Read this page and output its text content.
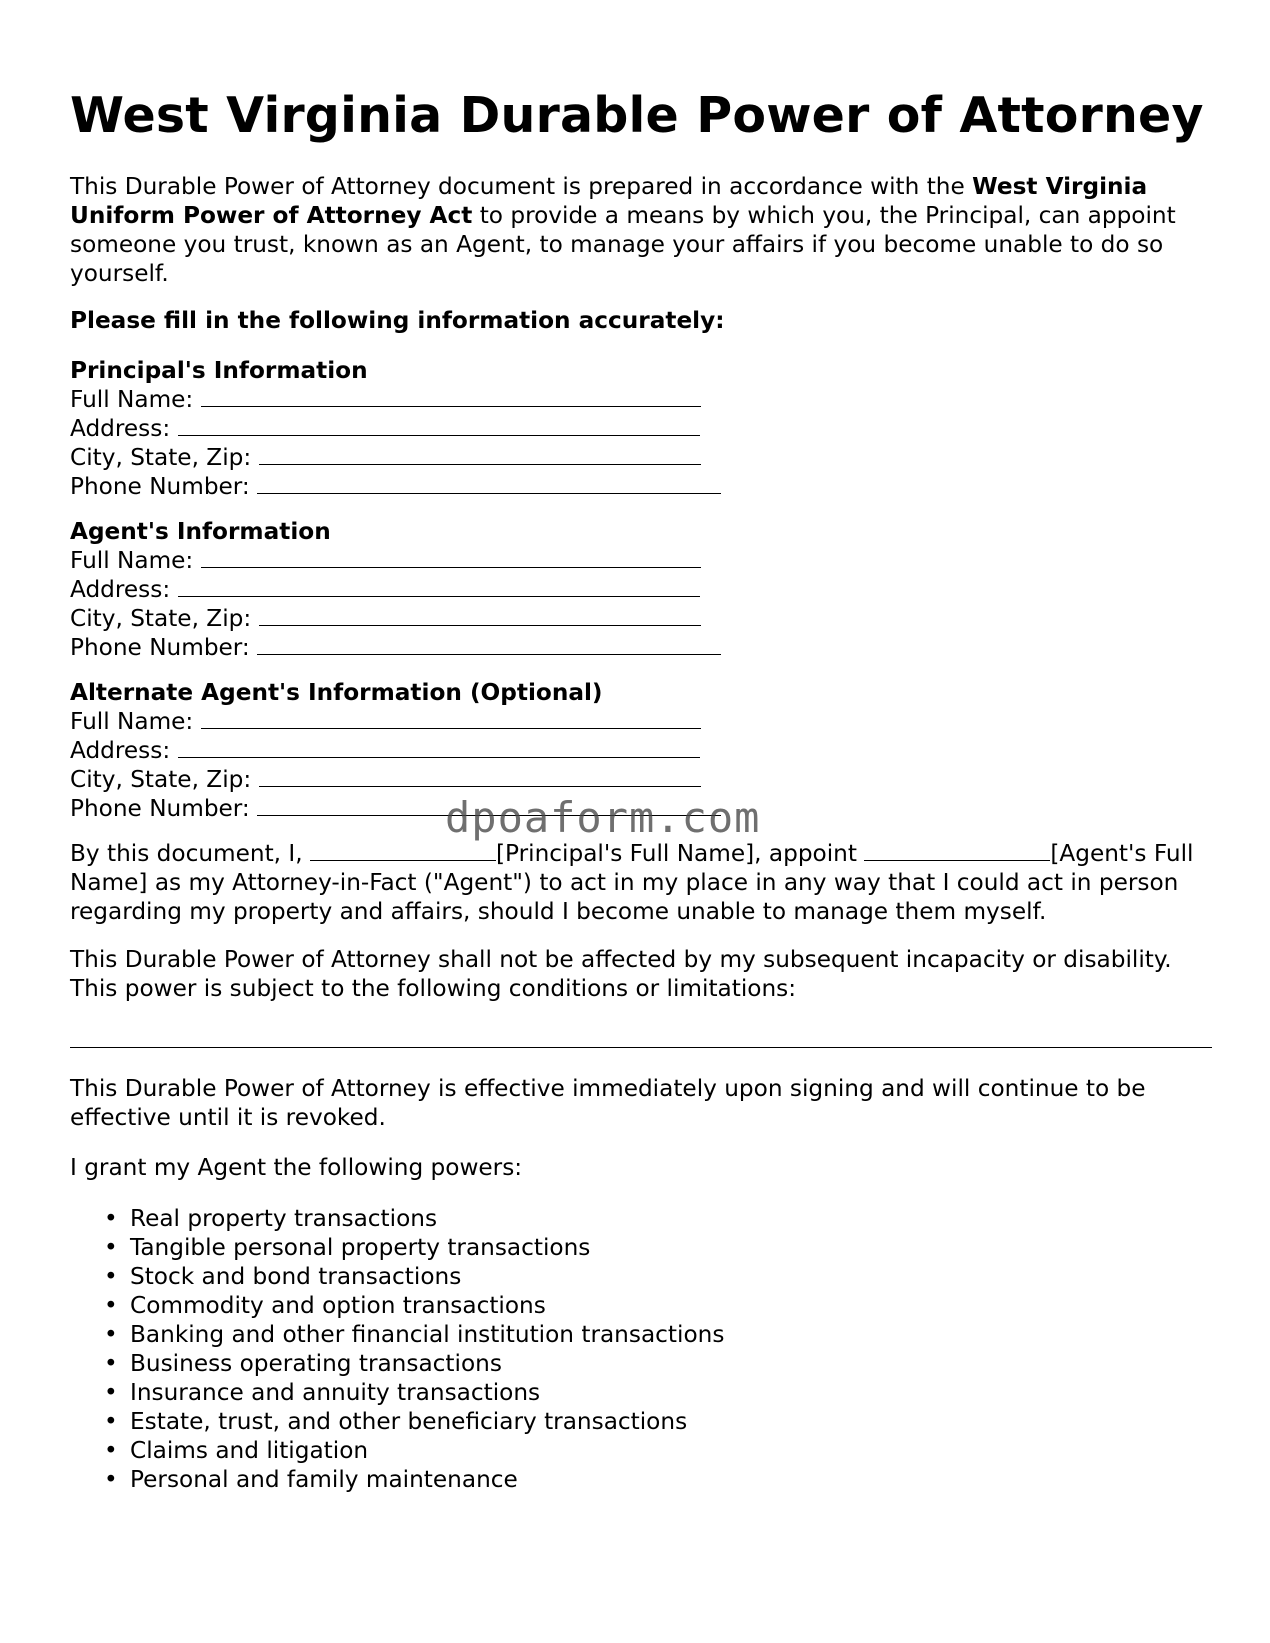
West Virginia Durable Power of Attorney

This Durable Power of Attorney document is prepared in accordance with the West Virginia Uniform Power of Attorney Act to provide a means by which you, the Principal, can appoint someone you trust, known as an Agent, to manage your affairs if you become unable to do so yourself.

Please fill in the following information accurately:
Principal's Information
Full Name:
Address:
City, State, Zip:
Phone Number:
Agent's Information
Full Name:
Address:
City, State, Zip:
Phone Number:
Alternate Agent's Information (Optional)
Full Name:
Address:
City, State, Zip:
Phone Number:

By this document, I,	[Principal's Full Name], appoint	[Agent's Full Name] as my Attorney-in-Fact ("Agent") to act in my place in any way that I could act in person regarding my property and affairs, should I become unable to manage them myself.

This Durable Power of Attorney shall not be affected by my subsequent incapacity or disability. This power is subject to the following conditions or limitations:
This Durable Power of Attorney is effective immediately upon signing and will continue to be effective until it is revoked.
I grant my Agent the following powers:
• Real property transactions
• Tangible personal property transactions
• Stock and bond transactions
• Commodity and option transactions
• Banking and other financial institution transactions
• Business operating transactions
• Insurance and annuity transactions
• Estate, trust, and other beneficiary transactions
• Claims and litigation
• Personal and family maintenance
dpoaform.com
